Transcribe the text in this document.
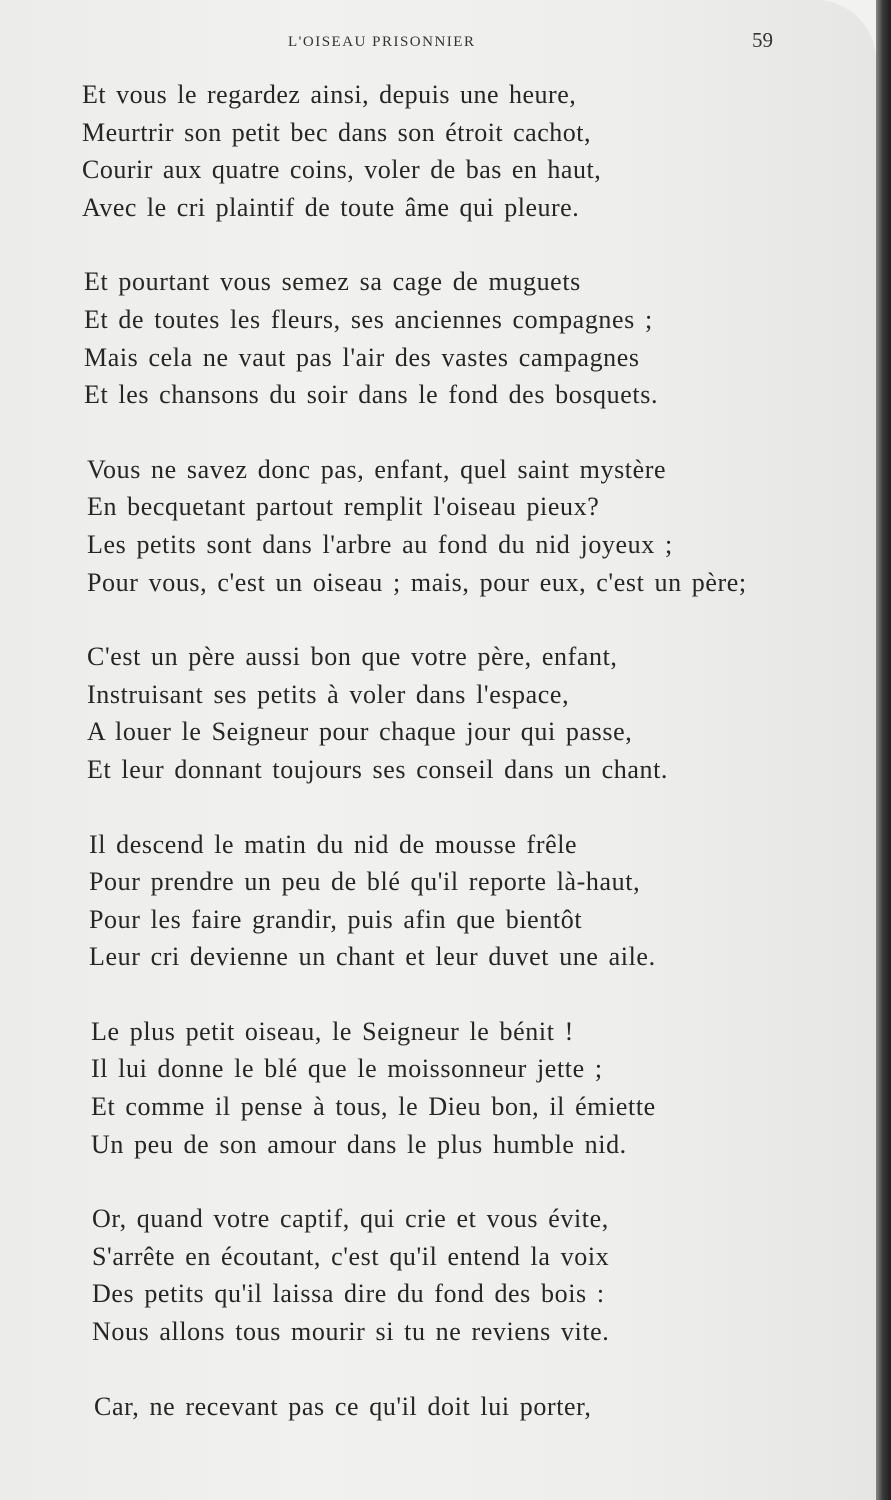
L'OISEAU PRISONNIER	59
Et vous le regardez ainsi, depuis une heure,
Meurtrir son petit bec dans son étroit cachot,
Courir aux quatre coins, voler de bas en haut,
Avec le cri plaintif de toute âme qui pleure.
Et pourtant vous semez sa cage de muguets
Et de toutes les fleurs, ses anciennes compagnes ;
Mais cela ne vaut pas l'air des vastes campagnes
Et les chansons du soir dans le fond des bosquets.
Vous ne savez donc pas, enfant, quel saint mystère
En becquetant partout remplit l'oiseau pieux?
Les petits sont dans l'arbre au fond du nid joyeux ;
Pour vous, c'est un oiseau ; mais, pour eux, c'est un père;
C'est un père aussi bon que votre père, enfant,
Instruisant ses petits à voler dans l'espace,
A louer le Seigneur pour chaque jour qui passe,
Et leur donnant toujours ses conseil dans un chant.
Il descend le matin du nid de mousse frêle
Pour prendre un peu de blé qu'il reporte là-haut,
Pour les faire grandir, puis afin que bientôt
Leur cri devienne un chant et leur duvet une aile.
Le plus petit oiseau, le Seigneur le bénit !
Il lui donne le blé que le moissonneur jette ;
Et comme il pense à tous, le Dieu bon, il émiette
Un peu de son amour dans le plus humble nid.
Or, quand votre captif, qui crie et vous évite,
S'arrête en écoutant, c'est qu'il entend la voix
Des petits qu'il laissa dire du fond des bois :
Nous allons tous mourir si tu ne reviens vite.
Car, ne recevant pas ce qu'il doit lui porter,
